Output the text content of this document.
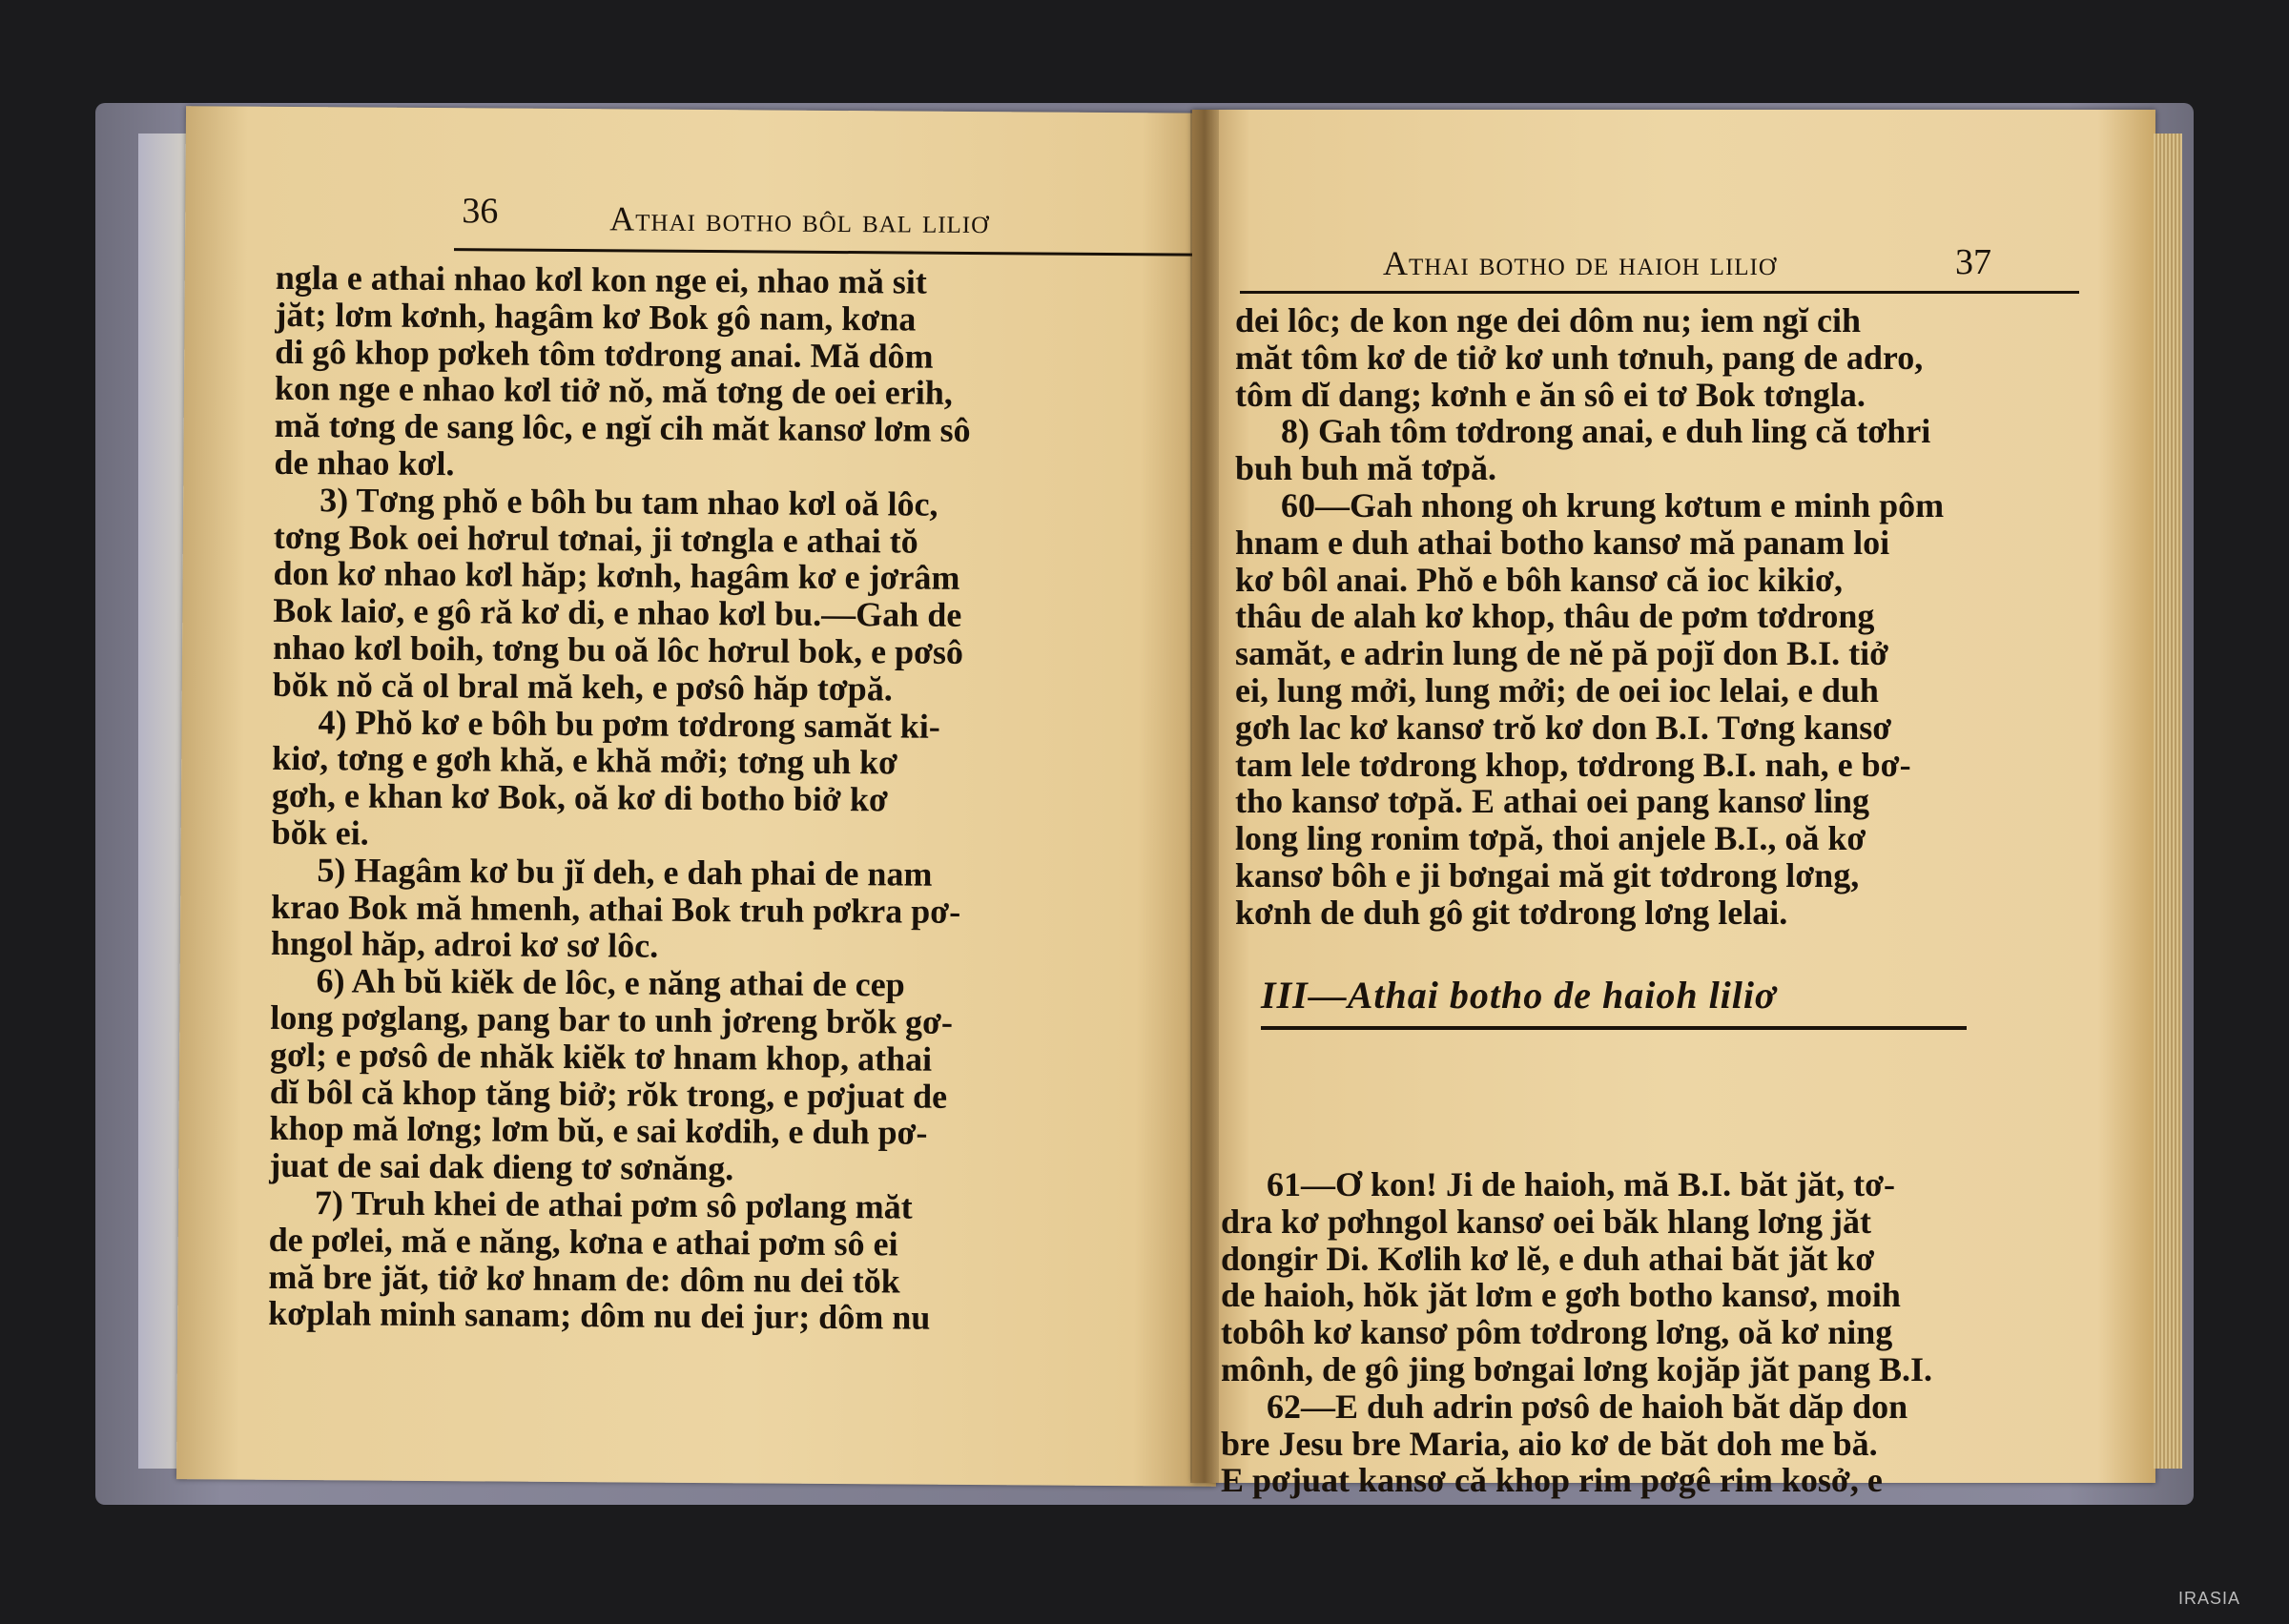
36	Athai botho bôl bal liliơ
ngla e athai nhao kơl kon nge ei, nhao mă sit
jăt; lơm kơnh, hagâm kơ Bok gô nam, kơna
di gô khop pơkeh tôm tơdrong anai. Mă dôm
kon nge e nhao kơl tiở nŏ, mă tơng de oei erih,
mă tơng de sang lôc, e ngĭ cih măt kansơ lơm sô
de nhao kơl.
3) Tơng phŏ e bôh bu tam nhao kơl oă lôc,
tơng Bok oei hơrul tơnai, ji tơngla e athai tŏ
don kơ nhao kơl hăp; kơnh, hagâm kơ e jơrâm
Bok laiơ, e gô ră kơ di, e nhao kơl bu.—Gah de
nhao kơl boih, tơng bu oă lôc hơrul bok, e pơsô
bŏk nŏ că ol bral mă keh, e pơsô hăp tơpă.
4) Phŏ kơ e bôh bu pơm tơdrong samăt ki-
kiơ, tơng e gơh khă, e khă mởi; tơng uh kơ
gơh, e khan kơ Bok, oă kơ di botho biở kơ
bŏk ei.
5) Hagâm kơ bu jĭ deh, e dah phai de nam
krao Bok mă hmenh, athai Bok truh pơkra pơ-
hngol hăp, adroi kơ sơ lôc.
6) Ah bŭ kiĕk de lôc, e năng athai de cep
long pơglang, pang bar to unh jơreng brŏk gơ-
gơl; e pơsô de nhăk kiĕk tơ hnam khop, athai
dĭ bôl că khop tăng biở; rŏk trong, e pơjuat de
khop mă lơng; lơm bŭ, e sai kơdih, e duh pơ-
juat de sai dak dieng tơ sơnăng.
7) Truh khei de athai pơm sô pơlang măt
de pơlei, mă e năng, kơna e athai pơm sô ei
mă bre jăt, tiở kơ hnam de: dôm nu dei tŏk
kơplah minh sanam; dôm nu dei jur; dôm nu
Athai botho de haioh liliơ	37
dei lôc; de kon nge dei dôm nu; iem ngĭ cih
măt tôm kơ de tiở kơ unh tơnuh, pang de adro,
tôm dĭ dang; kơnh e ăn sô ei tơ Bok tơngla.
8) Gah tôm tơdrong anai, e duh ling că tơhri
buh buh mă tơpă.
60—Gah nhong oh krung kơtum e minh pôm
hnam e duh athai botho kansơ mă panam loi
kơ bôl anai. Phŏ e bôh kansơ că ioc kikiơ,
thâu de alah kơ khop, thâu de pơm tơdrong
samăt, e adrin lung de nĕ pă pojĭ don B.I. tiở
ei, lung mởi, lung mởi; de oei ioc lelai, e duh
gơh lac kơ kansơ trŏ kơ don B.I. Tơng kansơ
tam lele tơdrong khop, tơdrong B.I. nah, e bơ-
tho kansơ tơpă. E athai oei pang kansơ ling
long ling ronim tơpă, thoi anjele B.I., oă kơ
kansơ bôh e ji bơngai mă git tơdrong lơng,
kơnh de duh gô git tơdrong lơng lelai.
61—Ơ kon! Ji de haioh, mă B.I. băt jăt, tơ-
dra kơ pơhngol kansơ oei băk hlang lơng jăt
dongir Di. Kơlih kơ lĕ, e duh athai băt jăt kơ
de haioh, hŏk jăt lơm e gơh botho kansơ, moih
tobôh kơ kansơ pôm tơdrong lơng, oă kơ ning
mônh, de gô jing bơngai lơng kojăp jăt pang B.I.
62—E duh adrin pơsô de haioh băt dăp don
bre Jesu bre Maria, aio kơ de băt doh me bă.
E pơjuat kansơ că khop rim pơgê rim kosở, e
III—Athai botho de haioh liliơ
IRASIA
